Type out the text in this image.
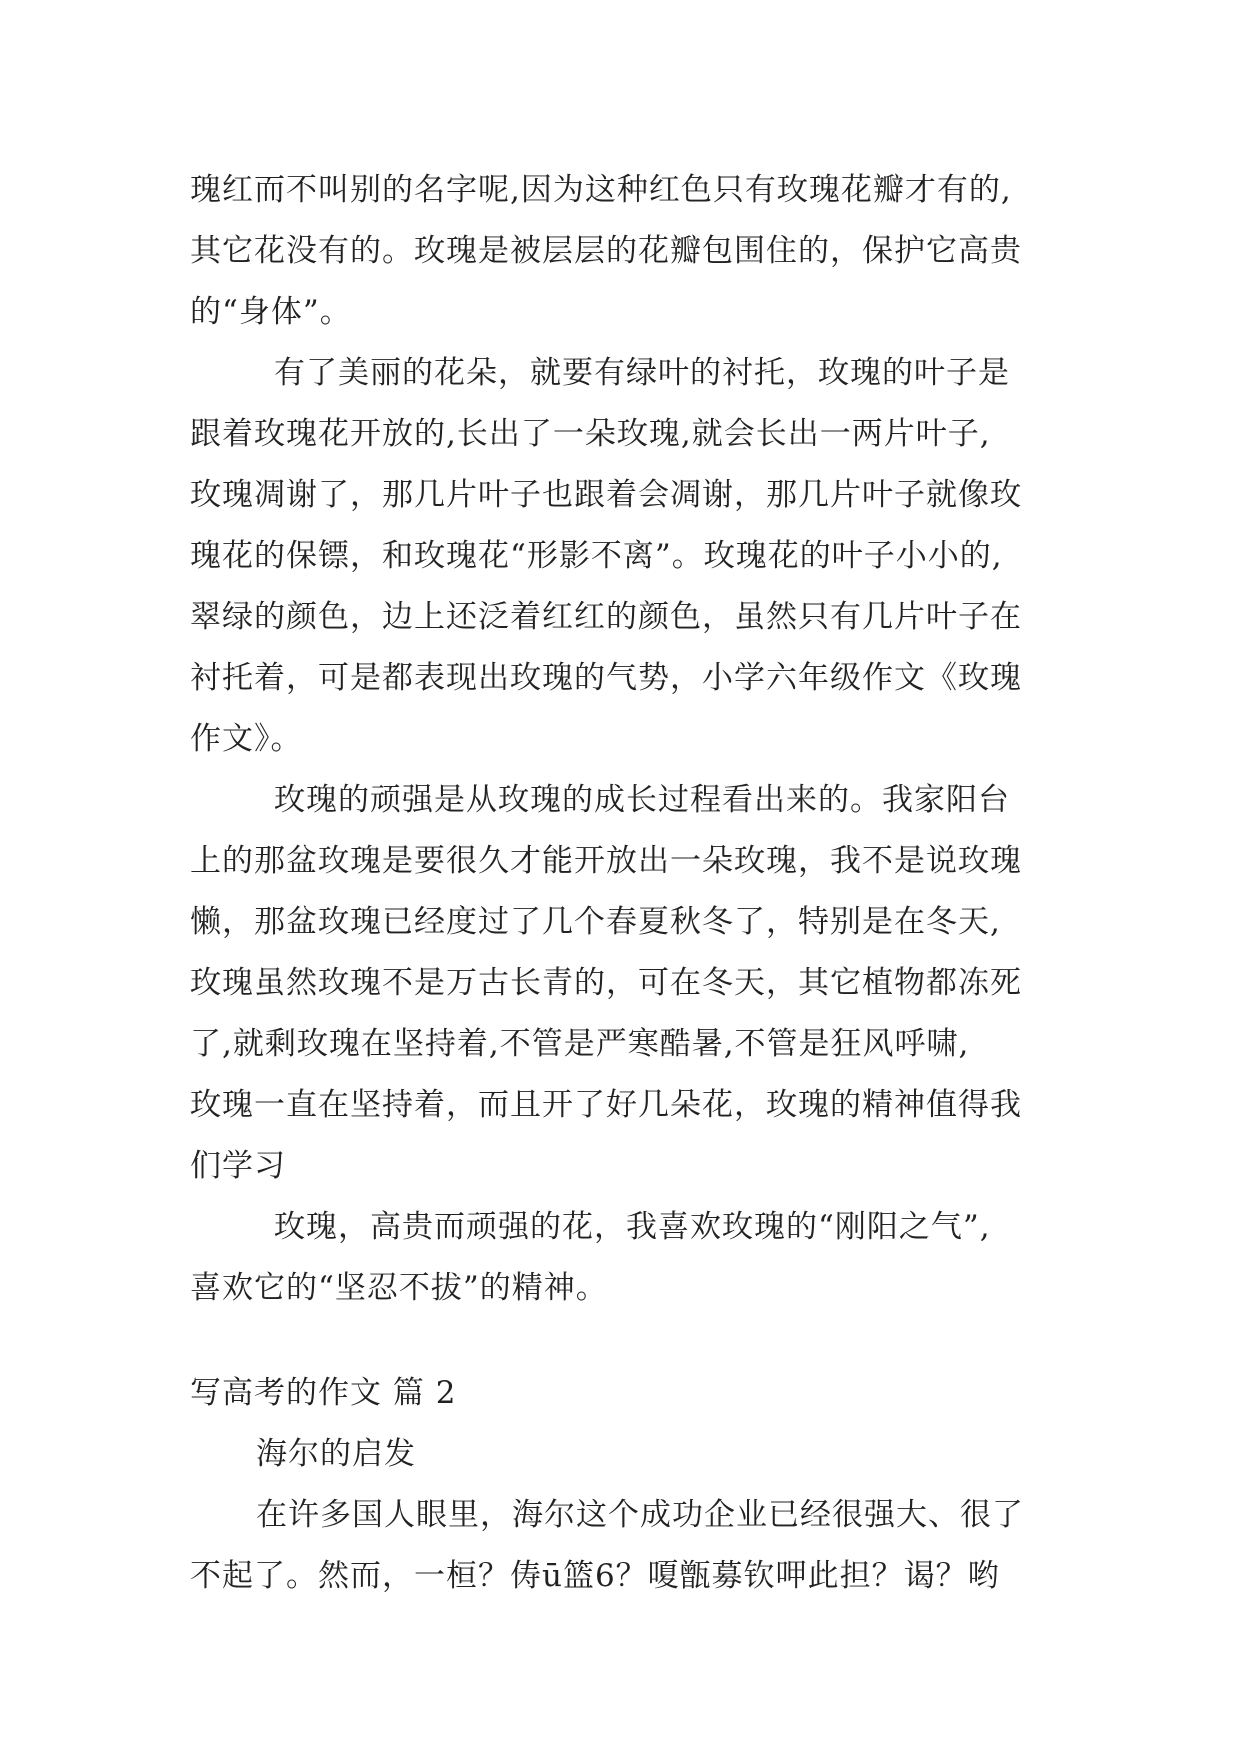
瑰红而不叫别的名字呢,因为这种红色只有玫瑰花瓣才有的,
其它花没有的。玫瑰是被层层的花瓣包围住的，保护它高贵
的“身体”。
有了美丽的花朵，就要有绿叶的衬托，玫瑰的叶子是
跟着玫瑰花开放的,长出了一朵玫瑰,就会长出一两片叶子,
玫瑰凋谢了，那几片叶子也跟着会凋谢，那几片叶子就像玫
瑰花的保镖，和玫瑰花“形影不离”。玫瑰花的叶子小小的,
翠绿的颜色，边上还泛着红红的颜色，虽然只有几片叶子在
衬托着，可是都表现出玫瑰的气势，小学六年级作文《玫瑰
作文》。
玫瑰的顽强是从玫瑰的成长过程看出来的。我家阳台
上的那盆玫瑰是要很久才能开放出一朵玫瑰，我不是说玫瑰
懒，那盆玫瑰已经度过了几个春夏秋冬了，特别是在冬天,
玫瑰虽然玫瑰不是万古长青的，可在冬天，其它植物都冻死
了,就剩玫瑰在坚持着,不管是严寒酷暑,不管是狂风呼啸,
玫瑰一直在坚持着，而且开了好几朵花，玫瑰的精神值得我
们学习
玫瑰，高贵而顽强的花，我喜欢玫瑰的“刚阳之气”,
喜欢它的“坚忍不拔”的精神。
写高考的作文 篇 2
海尔的启发
在许多国人眼里，海尔这个成功企业已经很强大、很了
不起了。然而，一桓？俦ū篮6？嗄甑募钦呷此担？谒？哟
